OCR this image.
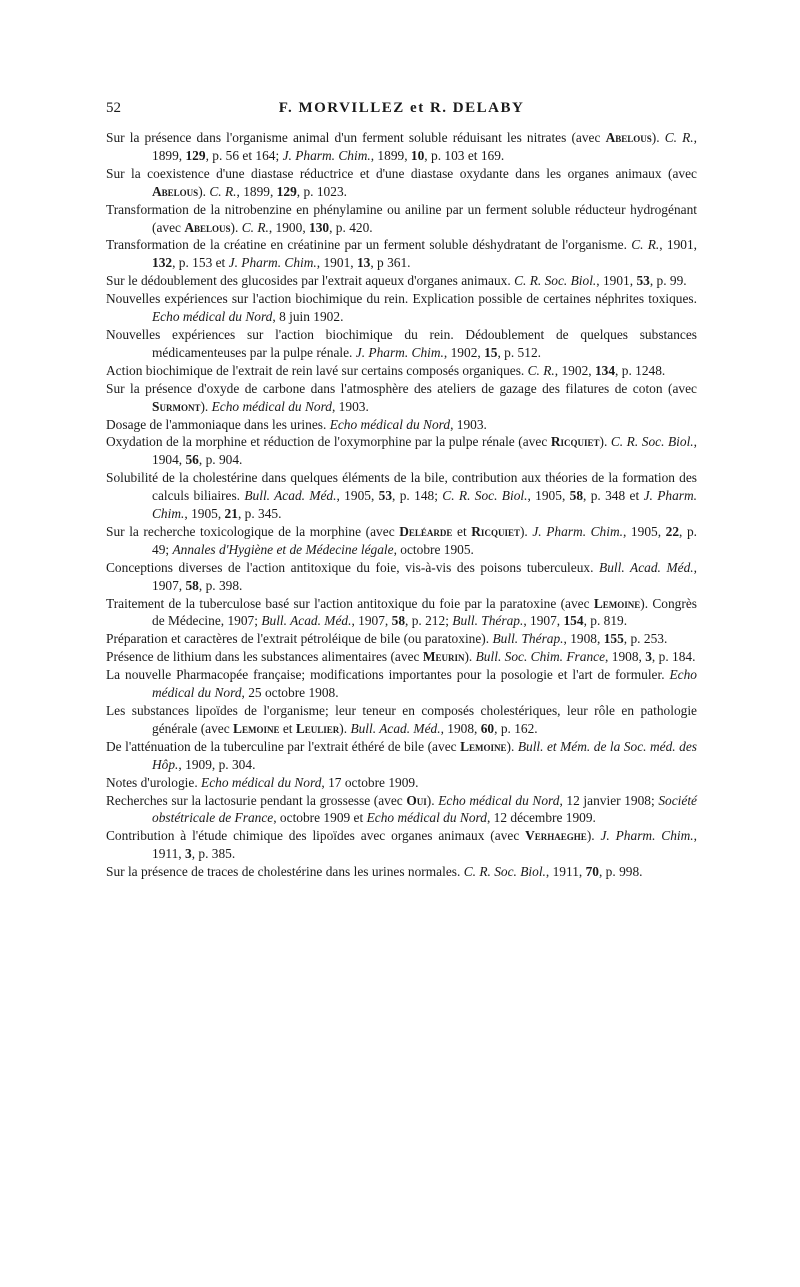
52	F. MORVILLEZ et R. DELABY

Sur la présence dans l'organisme animal d'un ferment soluble réduisant les nitrates (avec Abelous). C. R., 1899, 129, p. 56 et 164; J. Pharm. Chim., 1899, 10, p. 103 et 169.

Sur la coexistence d'une diastase réductrice et d'une diastase oxydante dans les organes animaux (avec Abelous). C. R., 1899, 129, p. 1023.

Transformation de la nitrobenzine en phénylamine ou aniline par un ferment soluble réducteur hydrogénant (avec Abelous). C. R., 1900, 130, p. 420.

Transformation de la créatine en créatinine par un ferment soluble déshydratant de l'organisme. C. R., 1901, 132, p. 153 et J. Pharm. Chim., 1901, 13, p 361.

Sur le dédoublement des glucosides par l'extrait aqueux d'organes animaux. C. R. Soc. Biol., 1901, 53, p. 99.

Nouvelles expériences sur l'action biochimique du rein. Explication possible de certaines néphrites toxiques. Echo médical du Nord, 8 juin 1902.

Nouvelles expériences sur l'action biochimique du rein. Dédoublement de quelques substances médicamenteuses par la pulpe rénale. J. Pharm. Chim., 1902, 15, p. 512.

Action biochimique de l'extrait de rein lavé sur certains composés organiques. C. R., 1902, 134, p. 1248.

Sur la présence d'oxyde de carbone dans l'atmosphère des ateliers de gazage des filatures de coton (avec Surmont). Echo médical du Nord, 1903.

Dosage de l'ammoniaque dans les urines. Echo médical du Nord, 1903.

Oxydation de la morphine et réduction de l'oxymorphine par la pulpe rénale (avec Ricquiet). C. R. Soc. Biol., 1904, 56, p. 904.

Solubilité de la cholestérine dans quelques éléments de la bile, contribution aux théories de la formation des calculs biliaires. Bull. Acad. Méd., 1905, 53, p. 148; C. R. Soc. Biol., 1905, 58, p. 348 et J. Pharm. Chim., 1905, 21, p. 345.

Sur la recherche toxicologique de la morphine (avec Deléarde et Ricquiet). J. Pharm. Chim., 1905, 22, p. 49; Annales d'Hygiène et de Médecine légale, octobre 1905.

Conceptions diverses de l'action antitoxique du foie, vis-à-vis des poisons tuberculeux. Bull. Acad. Méd., 1907, 58, p. 398.

Traitement de la tuberculose basé sur l'action antitoxique du foie par la paratoxine (avec Lemoine). Congrès de Médecine, 1907; Bull. Acad. Méd., 1907, 58, p. 212; Bull. Thérap., 1907, 154, p. 819.

Préparation et caractères de l'extrait pétroléique de bile (ou paratoxine). Bull. Thérap., 1908, 155, p. 253.

Présence de lithium dans les substances alimentaires (avec Meurin). Bull. Soc. Chim. France, 1908, 3, p. 184.

La nouvelle Pharmacopée française; modifications importantes pour la posologie et l'art de formuler. Echo médical du Nord, 25 octobre 1908.

Les substances lipoïdes de l'organisme; leur teneur en composés cholestériques, leur rôle en pathologie générale (avec Lemoine et Leulier). Bull. Acad. Méd., 1908, 60, p. 162.

De l'atténuation de la tuberculine par l'extrait éthéré de bile (avec Lemoine). Bull. et Mém. de la Soc. méd. des Hôp., 1909, p. 304.

Notes d'urologie. Echo médical du Nord, 17 octobre 1909.

Recherches sur la lactosurie pendant la grossesse (avec Oui). Echo médical du Nord, 12 janvier 1908; Société obstétricale de France, octobre 1909 et Echo médical du Nord, 12 décembre 1909.

Contribution à l'étude chimique des lipoïdes avec organes animaux (avec Verhaeghe). J. Pharm. Chim., 1911, 3, p. 385.

Sur la présence de traces de cholestérine dans les urines normales. C. R. Soc. Biol., 1911, 70, p. 998.
